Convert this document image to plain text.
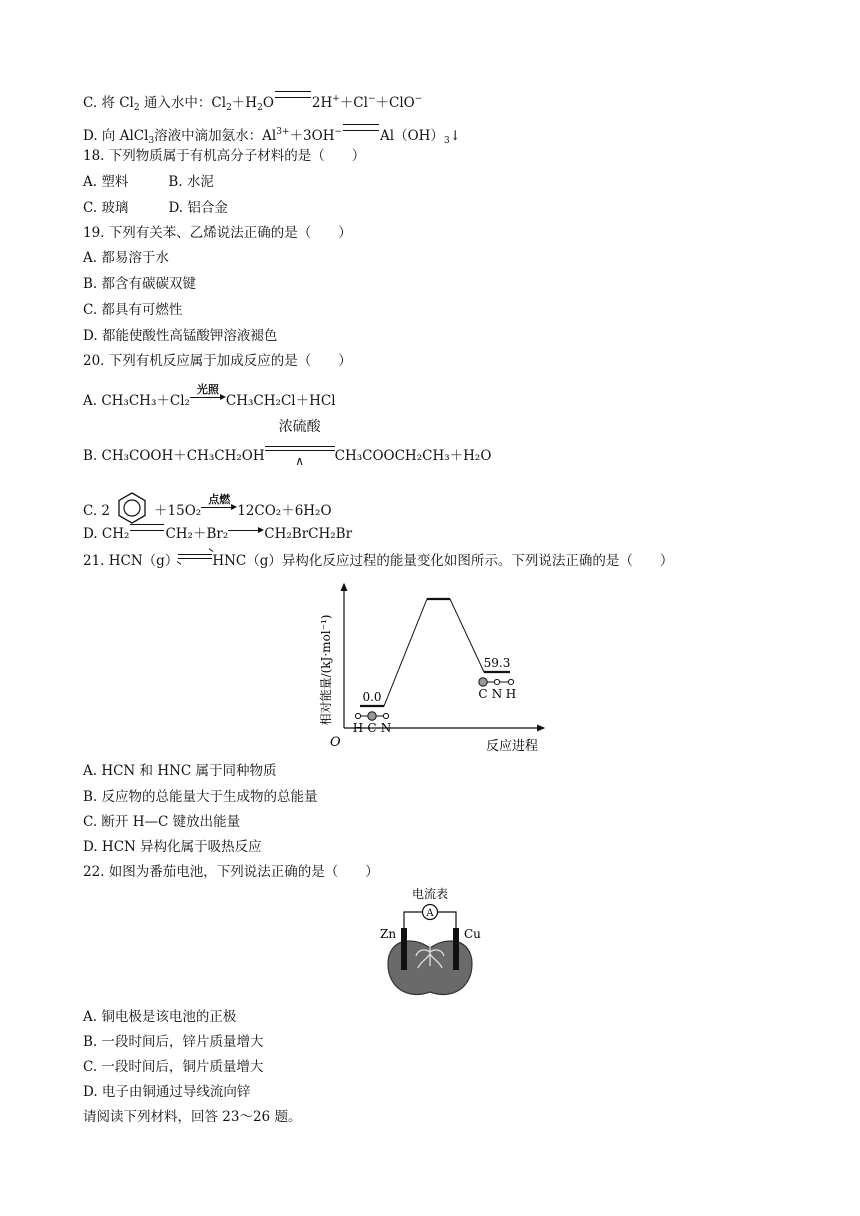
C. 将 $Cl_2$ 通入水中：$Cl_2+H_2O$	2H+＋Cl−＋ClO−
D. 向 AlCl$_3$溶液中滴加氨水：$Al^{3+}+3OH^-$	$Al(OH)_3↓$
18. 下列物质属于有机高分子材料的是（　　）
A. 塑料	B. 水泥
C. 玻璃	D. 铝合金
19. 下列有关苯、乙烯说法正确的是（　　）
A. 都易溶于水
B. 都含有碳碳双键
C. 都具有可燃性
D. 都能使酸性高锰酸钾溶液褪色
20. 下列有机反应属于加成反应的是（　　）
A. CH₃CH₃＋Cl₂
光照
CH₃CH₂Cl＋HCl
B. CH₃COOH＋CH₃CH₂OH
浓硫酸
∧	CH₃COOCH₂CH₃＋H₂O
C. 2	＋15O₂
点燃
12CO₂＋6H₂O
D. CH₂	CH₂＋Br₂	CH₂BrCH₂Br
21. HCN（g）⇌HNC（g）异构化反应过程的能量变化如图所示。下列说法正确的是（　　）
O	反应进程
相对能量/(kJ·mol⁻¹) 0.0
H C N
59.3
C N H
A. HCN 和 HNC 属于同种物质
B. 反应物的总能量大于生成物的总能量
C. 断开 H—C 键放出能量
D. HCN 异构化属于吸热反应
22. 如图为番茄电池，下列说法正确的是（　　）
电流表
A
Zn	Cu
A. 铜电极是该电池的正极
B. 一段时间后，锌片质量增大
C. 一段时间后，铜片质量增大
D. 电子由铜通过导线流向锌
请阅读下列材料，回答 23～26 题。
